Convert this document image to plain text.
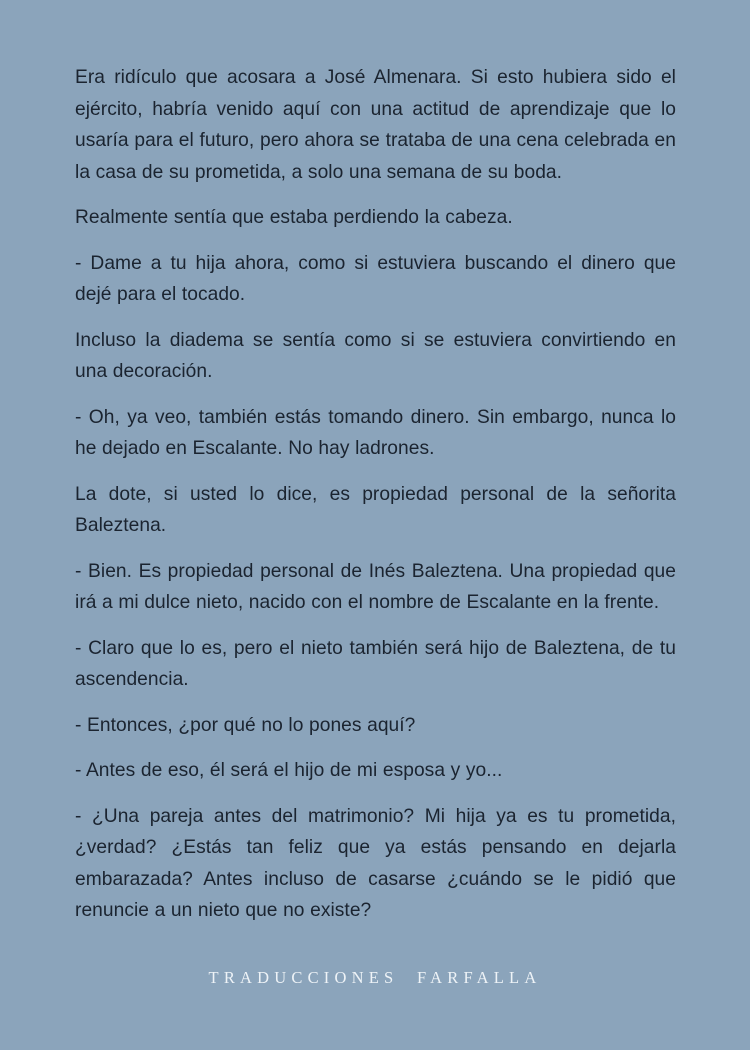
Era ridículo que acosara a José Almenara. Si esto hubiera sido el ejército, habría venido aquí con una actitud de aprendizaje que lo usaría para el futuro, pero ahora se trataba de una cena celebrada en la casa de su prometida, a solo una semana de su boda.

Realmente sentía que estaba perdiendo la cabeza.

- Dame a tu hija ahora, como si estuviera buscando el dinero que dejé para el tocado.

Incluso la diadema se sentía como si se estuviera convirtiendo en una decoración.

- Oh, ya veo, también estás tomando dinero. Sin embargo, nunca lo he dejado en Escalante. No hay ladrones.

La dote, si usted lo dice, es propiedad personal de la señorita Baleztena.

- Bien. Es propiedad personal de Inés Baleztena. Una propiedad que irá a mi dulce nieto, nacido con el nombre de Escalante en la frente.

- Claro que lo es, pero el nieto también será hijo de Baleztena, de tu ascendencia.

- Entonces, ¿por qué no lo pones aquí?

- Antes de eso, él será el hijo de mi esposa y yo...

- ¿Una pareja antes del matrimonio? Mi hija ya es tu prometida, ¿verdad? ¿Estás tan feliz que ya estás pensando en dejarla embarazada? Antes incluso de casarse ¿cuándo se le pidió que renuncie a un nieto que no existe?

TRADUCCIONES  FARFALLA
